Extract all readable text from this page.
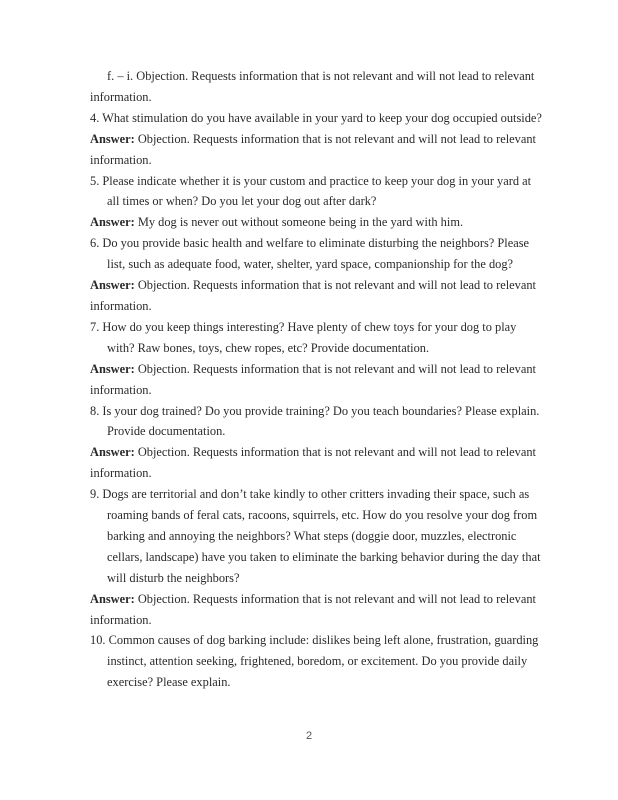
f. – i. Objection. Requests information that is not relevant and will not lead to relevant information.

4. What stimulation do you have available in your yard to keep your dog occupied outside?

Answer: Objection. Requests information that is not relevant and will not lead to relevant information.

5. Please indicate whether it is your custom and practice to keep your dog in your yard at all times or when? Do you let your dog out after dark?

Answer: My dog is never out without someone being in the yard with him.

6. Do you provide basic health and welfare to eliminate disturbing the neighbors? Please list, such as adequate food, water, shelter, yard space, companionship for the dog?

Answer: Objection. Requests information that is not relevant and will not lead to relevant information.

7. How do you keep things interesting? Have plenty of chew toys for your dog to play with? Raw bones, toys, chew ropes, etc? Provide documentation.

Answer: Objection. Requests information that is not relevant and will not lead to relevant information.

8. Is your dog trained? Do you provide training? Do you teach boundaries? Please explain. Provide documentation.

Answer: Objection. Requests information that is not relevant and will not lead to relevant information.

9. Dogs are territorial and don’t take kindly to other critters invading their space, such as roaming bands of feral cats, racoons, squirrels, etc. How do you resolve your dog from barking and annoying the neighbors? What steps (doggie door, muzzles, electronic cellars, landscape) have you taken to eliminate the barking behavior during the day that will disturb the neighbors?

Answer: Objection. Requests information that is not relevant and will not lead to relevant information.

10. Common causes of dog barking include: dislikes being left alone, frustration, guarding instinct, attention seeking, frightened, boredom, or excitement. Do you provide daily exercise? Please explain.

2
